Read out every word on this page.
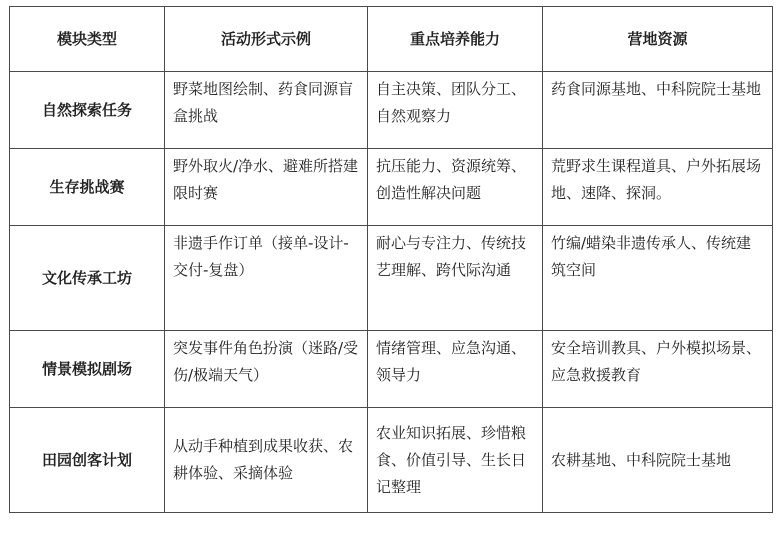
模块类型	活动形式示例	重点培养能力	营地资源
自然探索任务	野菜地图绘制、药食同源盲盒挑战	自主决策、团队分工、自然观察力	药食同源基地、中科院院士基地
生存挑战赛	野外取火/净水、避难所搭建限时赛	抗压能力、资源统筹、创造性解决问题	荒野求生课程道具、户外拓展场地、速降、探洞。
文化传承工坊	非遗手作订单（接单-设计-交付-复盘）	耐心与专注力、传统技艺理解、跨代际沟通	竹编/蜡染非遗传承人、传统建筑空间
情景模拟剧场	突发事件角色扮演（迷路/受伤/极端天气）	情绪管理、应急沟通、领导力	安全培训教具、户外模拟场景、应急救援教育
田园创客计划	从动手种植到成果收获、农耕体验、采摘体验	农业知识拓展、珍惜粮食、价值引导、生长日记整理	农耕基地、中科院院士基地
